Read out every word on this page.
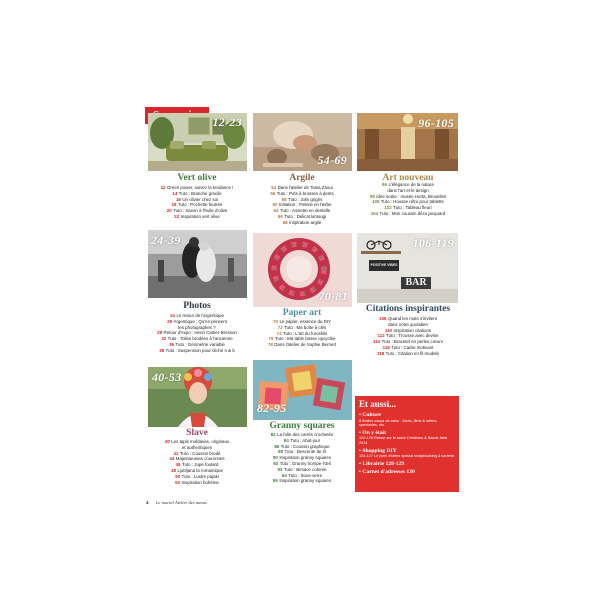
12-23
Vert olive
12 Green power, suivez la tendance !
14 Tuto : Branche gracile
16 Un olivier chez soi
18 Tuto : Pochette feutrée
20 Tuto : Savon à l'huile d'olive
22 Inspiration vert olive
54-69
Argile
54 Dans l'atelier de Tania Zaoui
56 Tuto : Pots à brosses à dents
58 Tuto : Jolis grigris
60 Initiation : Poterie en herbe
64 Tuto : Assiette en dentelle
66 Tuto : Délicat kintsugi
68 Inspiration argile
96-105
Art nouveau
96 L'élégance de la nature
dans l'art et le design
98 Idée sortie : musée Horta, Bruxelles
100 Tuto : Housse rétro pour tablette
102 Tuto : Tableau fleuri
104 Tuto : Mon coussin déco jacquard
24-39
Photos
24 Le retour de l'argentique
26 Argentique : Qu'en pensent
les photographes ?
28 Retour d'expo : Henri Cartier-Bresson
32 Tuto : Toiles brodées à l'ancienne
36 Tuto : Géométrie variable
38 Tuto : Suspension pour cliché n & b
70-81
Paper art
70 Le papier, essence du DIY
72 Tuto : Ma boîte à clés
74 Tuto : L'art du furoshiki
76 Tuto : Ma table basse upcyclée
78 Dans l'atelier de Sophie Bernert
POSITIVE VIBES
BAR
106-119
Citations inspirantes
106 Quand les mots s'invitent
dans notre quotidien
110 Inspiration citations
112 Tuto : Trousse avec devise
114 Tuto : Bracelet en perles cœurs
116 Tuto : Cadre motivant
118 Tuto : Citation en fil modelé
40-53
Slave
40 Les tapis moldaves, originaux
et authentiques
42 Tuto : Coussin brodé
44 Majestueuses couronnes
46 Tuto : Jupe foulard
48 Ljubljana la romantique
50 Tuto : Lustre pajaki
52 Inspiration bohème
82-95
Granny squares
82 La folie des carrés crochetés
84 Tuto : Abat-jour
86 Tuto : Coussin graphique
88 Tuto : Descente de lit
90 Inspiration granny squares
92 Tuto : Granny trompe-l'œil
93 Tuto : Besace colorée
94 Tuto : Sous-verre
95 Inspiration granny squares
Et aussi...
• Culture
8 étoiles coups de cœur : livres, films & séries, spectacles, etc.
• On y était
120-125 Retour sur le salon Créations & Savoir-faire 2024
• Shopping DIY
126-127 Le plein d'idées spécial scrapbooking & carterie
• Librairie 128-129
• Carnet d'adresses 130
4 Le nouvel Atelier des nanas
